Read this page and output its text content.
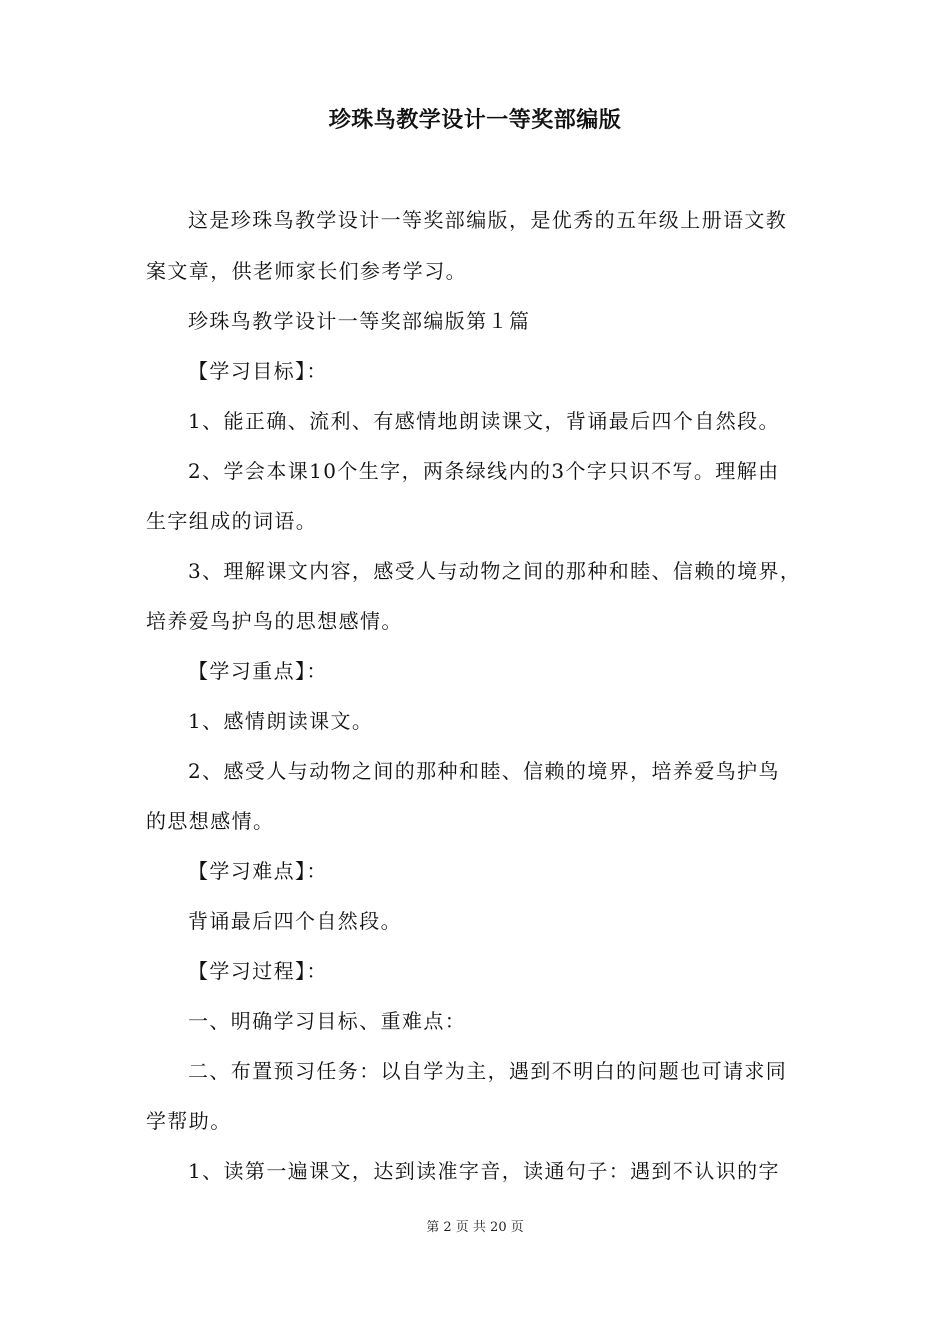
珍珠鸟教学设计一等奖部编版
这是珍珠鸟教学设计一等奖部编版，是优秀的五年级上册语文教
案文章，供老师家长们参考学习。
珍珠鸟教学设计一等奖部编版第１篇
【学习目标】：
1、能正确、流利、有感情地朗读课文，背诵最后四个自然段。
2、学会本课10个生字，两条绿线内的3个字只识不写。理解由
生字组成的词语。
3、理解课文内容，感受人与动物之间的那种和睦、信赖的境界，
培养爱鸟护鸟的思想感情。
【学习重点】：
1、感情朗读课文。
2、感受人与动物之间的那种和睦、信赖的境界，培养爱鸟护鸟
的思想感情。
【学习难点】：
背诵最后四个自然段。
【学习过程】：
一、明确学习目标、重难点：
二、布置预习任务：以自学为主，遇到不明白的问题也可请求同
学帮助。
1、读第一遍课文，达到读准字音，读通句子：遇到不认识的字
第 2 页 共 20 页
